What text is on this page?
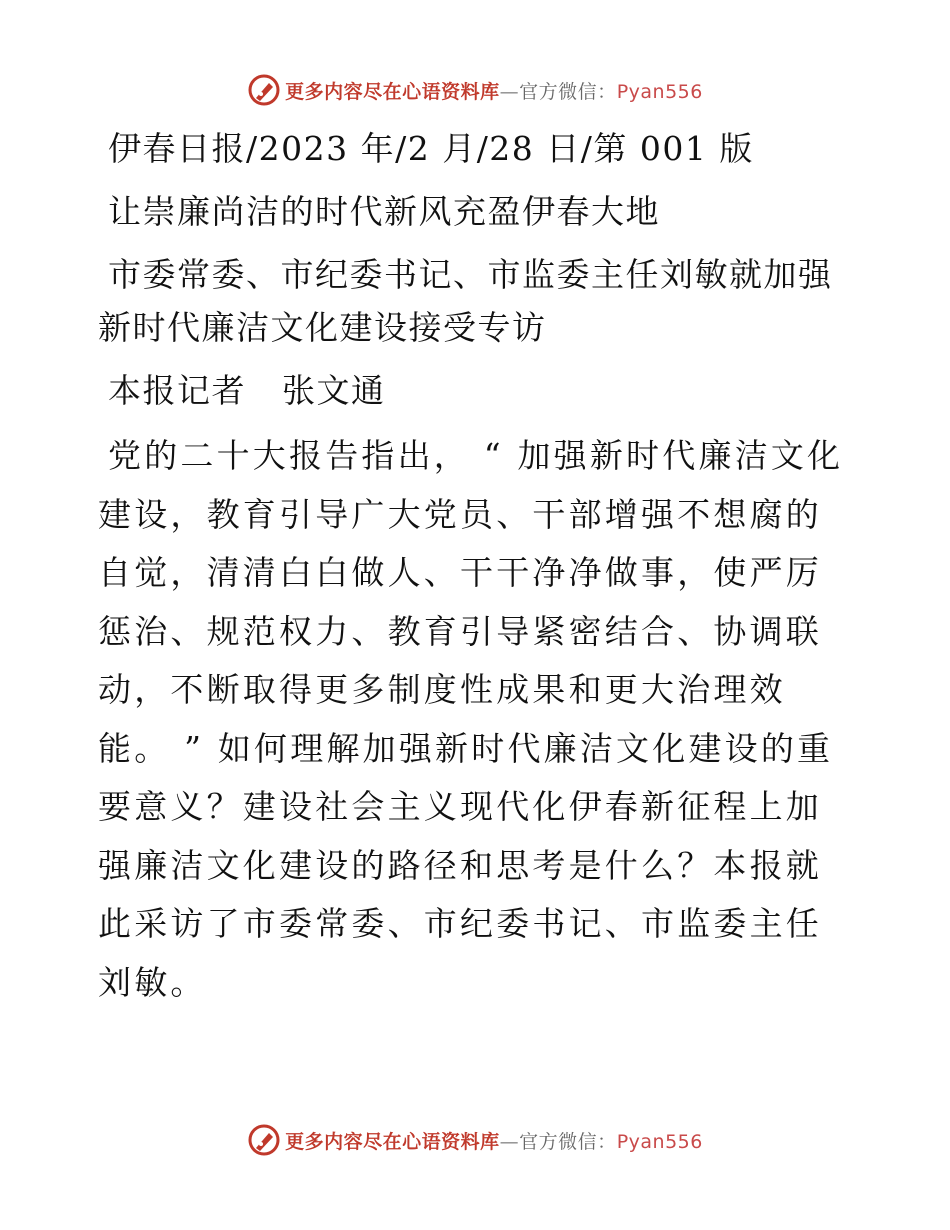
更多内容尽在心语资料库—官方微信：Pyan556

伊春日报/2023 年/2 月/28 日/第 001 版

让崇廉尚洁的时代新风充盈伊春大地

市委常委、市纪委书记、市监委主任刘敏就加强新时代廉洁文化建设接受专访

本报记者   张文通

党的二十大报告指出， “ 加强新时代廉洁文化建设，教育引导广大党员、干部增强不想腐的自觉，清清白白做人、干干净净做事，使严厉惩治、规范权力、教育引导紧密结合、协调联动，不断取得更多制度性成果和更大治理效能。 ” 如何理解加强新时代廉洁文化建设的重要意义？建设社会主义现代化伊春新征程上加强廉洁文化建设的路径和思考是什么？本报就此采访了市委常委、市纪委书记、市监委主任刘敏。

更多内容尽在心语资料库—官方微信：Pyan556
